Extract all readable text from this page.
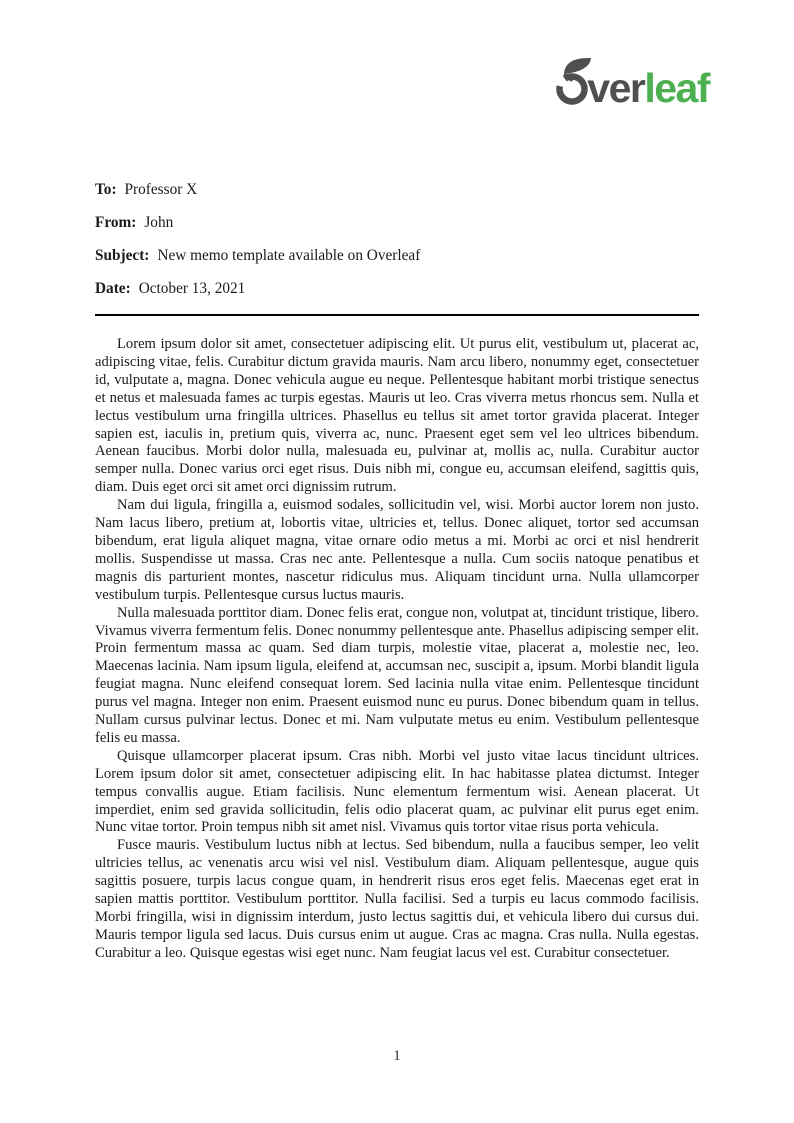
verleaf
To: Professor X
From: John
Subject: New memo template available on Overleaf
Date: October 13, 2021

Lorem ipsum dolor sit amet, consectetuer adipiscing elit. Ut purus elit, vestibulum ut, placerat ac, adipiscing vitae, felis. Curabitur dictum gravida mauris. Nam arcu libero, nonummy eget, consectetuer id, vulputate a, magna. Donec vehicula augue eu neque. Pellentesque habitant morbi tristique senectus et netus et malesuada fames ac turpis egestas. Mauris ut leo. Cras viverra metus rhoncus sem. Nulla et lectus vestibulum urna fringilla ultrices. Phasellus eu tellus sit amet tortor gravida placerat. Integer sapien est, iaculis in, pretium quis, viverra ac, nunc. Praesent eget sem vel leo ultrices bibendum. Aenean faucibus. Morbi dolor nulla, malesuada eu, pulvinar at, mollis ac, nulla. Curabitur auctor semper nulla. Donec varius orci eget risus. Duis nibh mi, congue eu, accumsan eleifend, sagittis quis, diam. Duis eget orci sit amet orci dignissim rutrum.

Nam dui ligula, fringilla a, euismod sodales, sollicitudin vel, wisi. Morbi auctor lorem non justo. Nam lacus libero, pretium at, lobortis vitae, ultricies et, tellus. Donec aliquet, tortor sed accumsan bibendum, erat ligula aliquet magna, vitae ornare odio metus a mi. Morbi ac orci et nisl hendrerit mollis. Suspendisse ut massa. Cras nec ante. Pellentesque a nulla. Cum sociis natoque penatibus et magnis dis parturient montes, nascetur ridiculus mus. Aliquam tincidunt urna. Nulla ullamcorper vestibulum turpis. Pellentesque cursus luctus mauris.

Nulla malesuada porttitor diam. Donec felis erat, congue non, volutpat at, tincidunt tristique, libero. Vivamus viverra fermentum felis. Donec nonummy pellentesque ante. Phasellus adipiscing semper elit. Proin fermentum massa ac quam. Sed diam turpis, molestie vitae, placerat a, molestie nec, leo. Maecenas lacinia. Nam ipsum ligula, eleifend at, accumsan nec, suscipit a, ipsum. Morbi blandit ligula feugiat magna. Nunc eleifend consequat lorem. Sed lacinia nulla vitae enim. Pellentesque tincidunt purus vel magna. Integer non enim. Praesent euismod nunc eu purus. Donec bibendum quam in tellus. Nullam cursus pulvinar lectus. Donec et mi. Nam vulputate metus eu enim. Vestibulum pellentesque felis eu massa.

Quisque ullamcorper placerat ipsum. Cras nibh. Morbi vel justo vitae lacus tincidunt ultrices. Lorem ipsum dolor sit amet, consectetuer adipiscing elit. In hac habitasse platea dictumst. Integer tempus convallis augue. Etiam facilisis. Nunc elementum fermentum wisi. Aenean placerat. Ut imperdiet, enim sed gravida sollicitudin, felis odio placerat quam, ac pulvinar elit purus eget enim. Nunc vitae tortor. Proin tempus nibh sit amet nisl. Vivamus quis tortor vitae risus porta vehicula.

Fusce mauris. Vestibulum luctus nibh at lectus. Sed bibendum, nulla a faucibus semper, leo velit ultricies tellus, ac venenatis arcu wisi vel nisl. Vestibulum diam. Aliquam pellentesque, augue quis sagittis posuere, turpis lacus congue quam, in hendrerit risus eros eget felis. Maecenas eget erat in sapien mattis porttitor. Vestibulum porttitor. Nulla facilisi. Sed a turpis eu lacus commodo facilisis. Morbi fringilla, wisi in dignissim interdum, justo lectus sagittis dui, et vehicula libero dui cursus dui. Mauris tempor ligula sed lacus. Duis cursus enim ut augue. Cras ac magna. Cras nulla. Nulla egestas. Curabitur a leo. Quisque egestas wisi eget nunc. Nam feugiat lacus vel est. Curabitur consectetuer.

1
